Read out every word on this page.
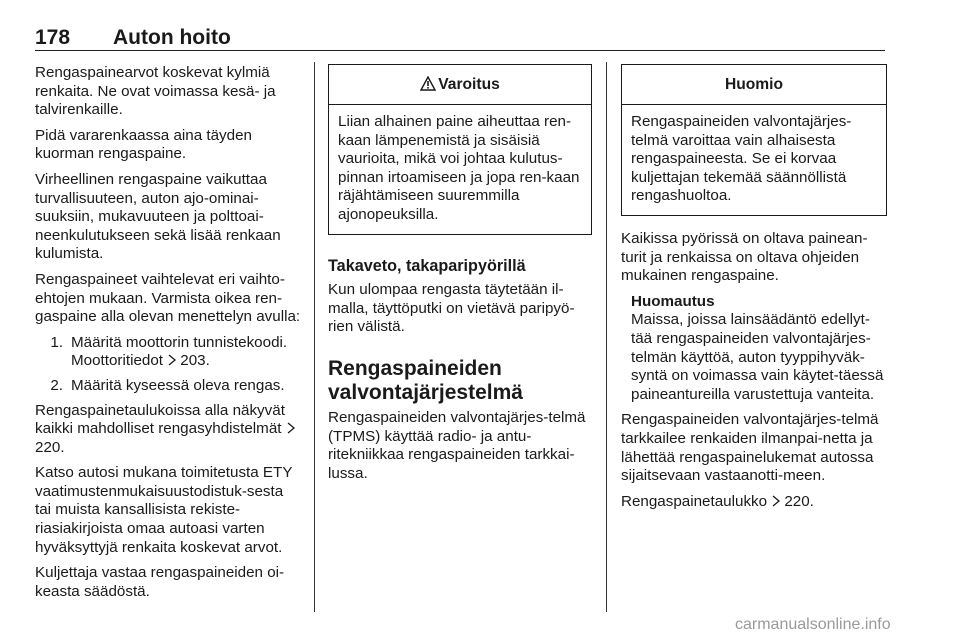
178 Auton hoito
Rengaspainearvot koskevat kylmiä renkaita. Ne ovat voimassa kesä- ja talvirenkaille.
Pidä vararenkaassa aina täyden kuorman rengaspaine.
Virheellinen rengaspaine vaikuttaa turvallisuuteen, auton ajo-ominai-suuksiin, mukavuuteen ja polttoai-neenkulutukseen sekä lisää renkaan kulumista.
Rengaspaineet vaihtelevat eri vaihto-ehtojen mukaan. Varmista oikea ren-gaspaine alla olevan menettelyn avulla:
1. Määritä moottorin tunnistekoodi. Moottoritiedot 203.
2. Määritä kyseessä oleva rengas.
Rengaspainetaulukoissa alla näkyvät kaikki mahdolliset rengasyhdistelmät 220.
Katso autosi mukana toimitetusta ETY vaatimustenmukaisuustodistuk-sesta tai muista kansallisista rekiste-riasiakirjoista omaa autoasi varten hyväksyttyjä renkaita koskevat arvot.
Kuljettaja vastaa rengaspaineiden oi-keasta säädöstä.
Varoitus
Liian alhainen paine aiheuttaa ren-kaan lämpenemistä ja sisäisiä vaurioita, mikä voi johtaa kulutus-pinnan irtoamiseen ja jopa ren-kaan räjähtämiseen suuremmilla ajonopeuksilla.
Takaveto, takaparipyörillä
Kun ulompaa rengasta täytetään il-malla, täyttöputki on vietävä paripyö-rien välistä.
Rengaspaineiden valvontajärjestelmä
Rengaspaineiden valvontajärjes-telmä (TPMS) käyttää radio- ja antu-ritekniikkaa rengaspaineiden tarkkai-lussa.
Huomio
Rengaspaineiden valvontajärjes-telmä varoittaa vain alhaisesta rengaspaineesta. Se ei korvaa kuljettajan tekemää säännöllistä rengashuoltoa.
Kaikissa pyörissä on oltava painean-turit ja renkaissa on oltava ohjeiden mukainen rengaspaine.
Huomautus
Maissa, joissa lainsäädäntö edellyt-tää rengaspaineiden valvontajärjes-telmän käyttöä, auton tyyppihyväk-syntä on voimassa vain käytet-täessä paineantureilla varustettuja vanteita.
Rengaspaineiden valvontajärjes-telmä tarkkailee renkaiden ilmanpai-netta ja lähettää rengaspainelukemat autossa sijaitsevaan vastaanotti-meen.
Rengaspainetaulukko 220.
carmanualsonline.info
